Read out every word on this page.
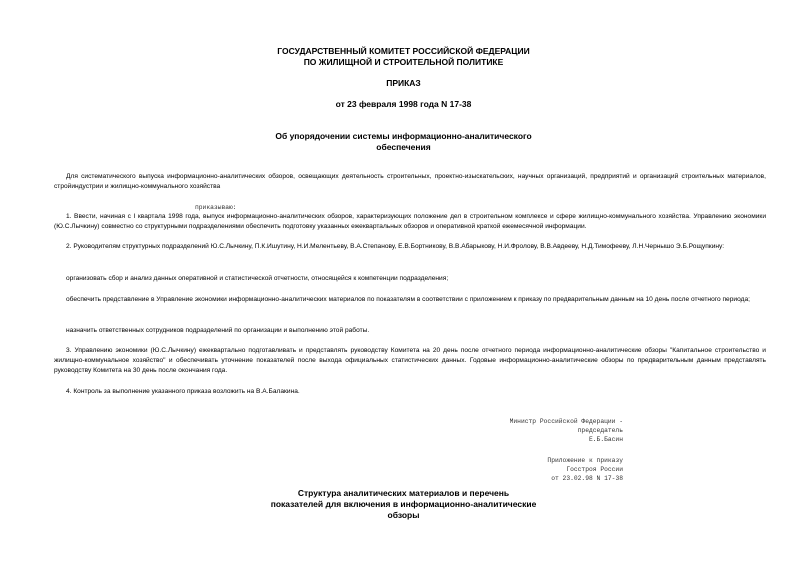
ГОСУДАРСТВЕННЫЙ КОМИТЕТ РОССИЙСКОЙ ФЕДЕРАЦИИ

ПО ЖИЛИЩНОЙ И СТРОИТЕЛЬНОЙ ПОЛИТИКЕ

ПРИКАЗ

от 23 февраля 1998 года N 17-38

Об упорядочении системы информационно-аналитического

обеспечения

Для систематического выпуска информационно-аналитических обзоров, освещающих деятельность строительных, проектно-изыскательских, научных организаций, предприятий и организаций строительных материалов, стройиндустрии и жилищно-коммунального хозяйства

приказываю:

1. Ввести, начиная с I квартала 1998 года, выпуск информационно-аналитических обзоров, характеризующих положение дел в строительном комплексе и сфере жилищно-коммунального хозяйства. Управлению экономики (Ю.С.Лычкину) совместно со структурными подразделениями обеспечить подготовку указанных ежеквартальных обзоров и оперативной краткой ежемесячной информации.

2. Руководителям структурных подразделений Ю.С.Лычкину, П.К.Ишутину, Н.И.Мелентьеву, В.А.Степанову, Е.В.Бортникову, В.В.Абарыкову, Н.И.Фролову, В.В.Авдееву, Н.Д.Тимофееву, Л.Н.Чернышо Э.Б.Рощупкину:

организовать сбор и анализ данных оперативной и статистической отчетности, относящейся к компетенции подразделения;

обеспечить представление в Управление экономики информационно-аналитических материалов по показателям в соответствии с приложением к приказу по предварительным данным на 10 день после отчетного периода;

назначить ответственных сотрудников подразделений по организации и выполнению этой работы.

3. Управлению экономики (Ю.С.Лычкину) ежеквартально подготавливать и представлять руководству Комитета на 20 день после отчетного периода информационно-аналитические обзоры "Капитальное строительство и жилищно-коммунальное хозяйство" и обеспечивать уточнение показателей после выхода официальных статистических данных. Годовые информационно-аналитические обзоры по предварительным данным представлять руководству Комитета на 30 день после окончания года.

4. Контроль за выполнение указанного приказа возложить на В.А.Балакина.

Министр Российской Федерации -
председатель
Е.Б.Басин
Приложение к приказу
Госстроя России
от 23.02.98 N 17-38

Структура аналитических материалов и перечень

показателей для включения в информационно-аналитические

обзоры
